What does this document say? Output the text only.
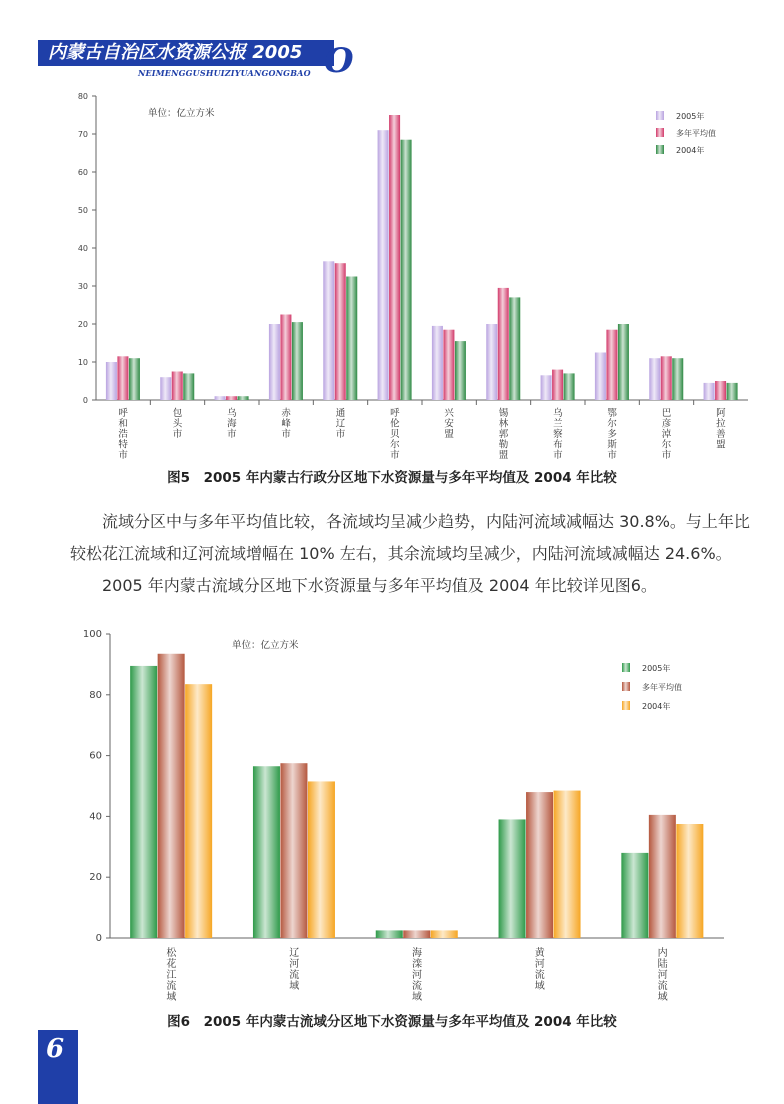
内蒙古自治区水资源公报 2005
NEIMENGGUSHUIZIYUANGONGBAO O
0
10
20
30
40
50
60
70
80
单位：亿立方米
呼和浩特市
包头市
乌海市
赤峰市
通辽市
呼伦贝尔市
兴安盟
锡林郭勒盟
乌兰察布市
鄂尔多斯市
巴彦淖尔市
阿拉善盟
2005年
多年平均值
2004年
图5　2005 年内蒙古行政分区地下水资源量与多年平均值及 2004 年比较

流域分区中与多年平均值比较，各流域均呈减少趋势，内陆河流域减幅达 30.8%。与上年比较松花江流域和辽河流域增幅在 10% 左右，其余流域均呈减少，内陆河流域减幅达 24.6%。

2005 年内蒙古流域分区地下水资源量与多年平均值及 2004 年比较详见图6。

0
20
40
60
80
100
单位：亿立方米
松花江流域
辽河流域
海滦河流域
黄河流域
内陆河流域
2005年
多年平均值
2004年
图6　2005 年内蒙古流域分区地下水资源量与多年平均值及 2004 年比较
6
